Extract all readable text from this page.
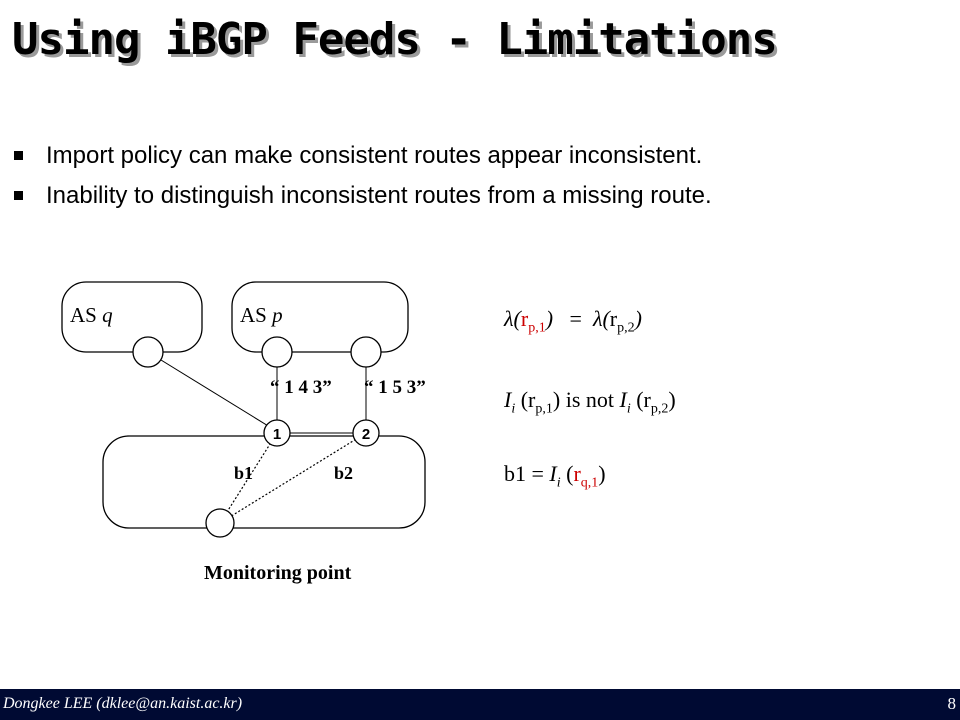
Using iBGP Feeds - Limitations
Import policy can make consistent routes appear inconsistent.
Inability to distinguish inconsistent routes from a missing route.
AS q	AS p
1	2
“ 1 4 3” “ 1 5 3”
b1	b2
Monitoring point
$\lambda(r_{p,1}) = \lambda(r_{p,2})$
$I_i$ $(r_{p,1})$ is not $I_i$ $(r_{p,2})$
$b1 = I_i$ $(r_{q,1})$
Dongkee LEE (dklee@an.kaist.ac.kr)	8
